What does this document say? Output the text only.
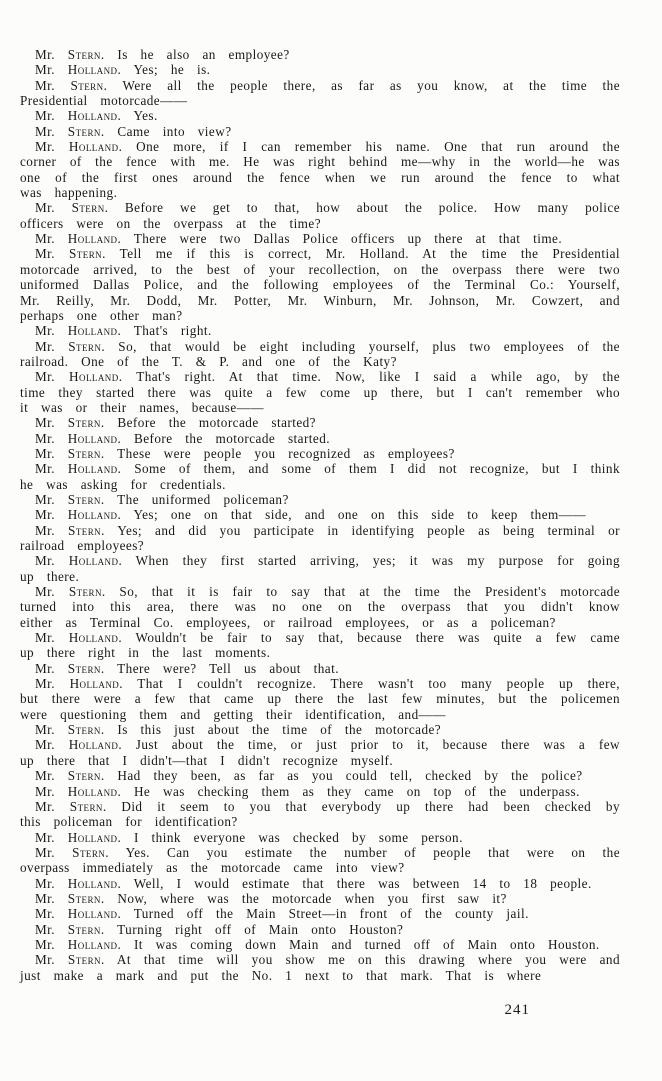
Mr. Stern. Is he also an employee?

Mr. Holland. Yes; he is.

Mr. Stern. Were all the people there, as far as you know, at the time the Presidential motorcade——

Mr. Holland. Yes.

Mr. Stern. Came into view?

Mr. Holland. One more, if I can remember his name. One that run around the corner of the fence with me. He was right behind me—why in the world—he was one of the first ones around the fence when we run around the fence to what was happening.

Mr. Stern. Before we get to that, how about the police. How many police officers were on the overpass at the time?

Mr. Holland. There were two Dallas Police officers up there at that time.

Mr. Stern. Tell me if this is correct, Mr. Holland. At the time the Presidential motorcade arrived, to the best of your recollection, on the overpass there were two uniformed Dallas Police, and the following employees of the Terminal Co.: Yourself, Mr. Reilly, Mr. Dodd, Mr. Potter, Mr. Winburn, Mr. Johnson, Mr. Cowzert, and perhaps one other man?

Mr. Holland. That's right.

Mr. Stern. So, that would be eight including yourself, plus two employees of the railroad. One of the T. & P. and one of the Katy?

Mr. Holland. That's right. At that time. Now, like I said a while ago, by the time they started there was quite a few come up there, but I can't remember who it was or their names, because——

Mr. Stern. Before the motorcade started?

Mr. Holland. Before the motorcade started.

Mr. Stern. These were people you recognized as employees?

Mr. Holland. Some of them, and some of them I did not recognize, but I think he was asking for credentials.

Mr. Stern. The uniformed policeman?

Mr. Holland. Yes; one on that side, and one on this side to keep them——

Mr. Stern. Yes; and did you participate in identifying people as being terminal or railroad employees?

Mr. Holland. When they first started arriving, yes; it was my purpose for going up there.

Mr. Stern. So, that it is fair to say that at the time the President's motorcade turned into this area, there was no one on the overpass that you didn't know either as Terminal Co. employees, or railroad employees, or as a policeman?

Mr. Holland. Wouldn't be fair to say that, because there was quite a few came up there right in the last moments.

Mr. Stern. There were? Tell us about that.

Mr. Holland. That I couldn't recognize. There wasn't too many people up there, but there were a few that came up there the last few minutes, but the policemen were questioning them and getting their identification, and——

Mr. Stern. Is this just about the time of the motorcade?

Mr. Holland. Just about the time, or just prior to it, because there was a few up there that I didn't—that I didn't recognize myself.

Mr. Stern. Had they been, as far as you could tell, checked by the police?

Mr. Holland. He was checking them as they came on top of the underpass.

Mr. Stern. Did it seem to you that everybody up there had been checked by this policeman for identification?

Mr. Holland. I think everyone was checked by some person.

Mr. Stern. Yes. Can you estimate the number of people that were on the overpass immediately as the motorcade came into view?

Mr. Holland. Well, I would estimate that there was between 14 to 18 people.

Mr. Stern. Now, where was the motorcade when you first saw it?

Mr. Holland. Turned off the Main Street—in front of the county jail.

Mr. Stern. Turning right off of Main onto Houston?

Mr. Holland. It was coming down Main and turned off of Main onto Houston.

Mr. Stern. At that time will you show me on this drawing where you were and just make a mark and put the No. 1 next to that mark. That is where

241
